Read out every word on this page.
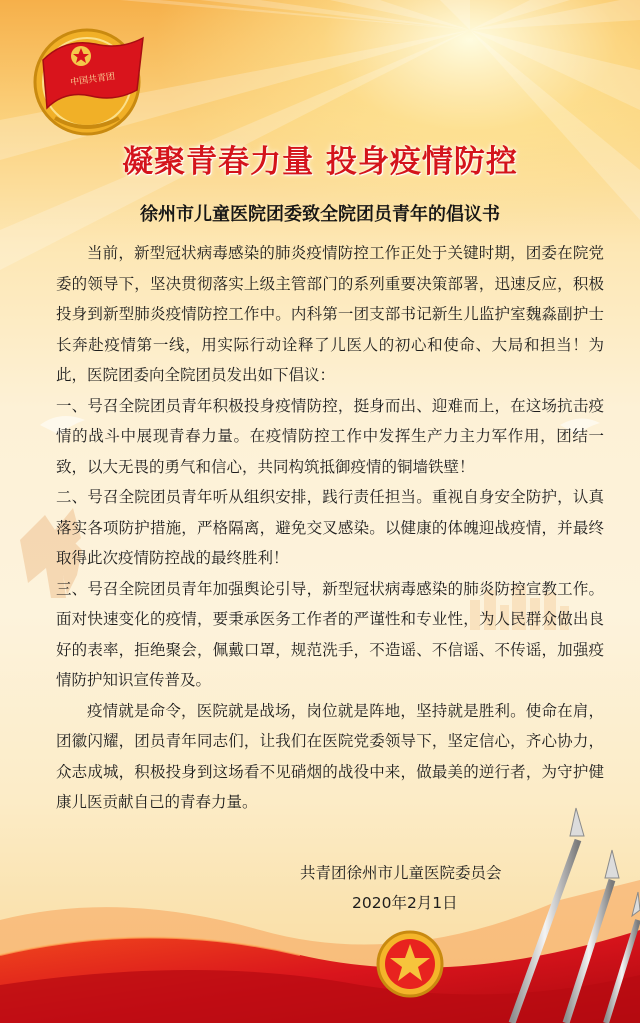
中国共青团
凝聚青春力量 投身疫情防控
徐州市儿童医院团委致全院团员青年的倡议书

当前，新型冠状病毒感染的肺炎疫情防控工作正处于关键时期，团委在院党委的领导下，坚决贯彻落实上级主管部门的系列重要决策部署，迅速反应，积极投身到新型肺炎疫情防控工作中。内科第一团支部书记新生儿监护室魏淼副护士长奔赴疫情第一线，用实际行动诠释了儿医人的初心和使命、大局和担当！为此，医院团委向全院团员发出如下倡议：

一、号召全院团员青年积极投身疫情防控，挺身而出、迎难而上，在这场抗击疫情的战斗中展现青春力量。在疫情防控工作中发挥生产力主力军作用，团结一致，以大无畏的勇气和信心，共同构筑抵御疫情的铜墙铁壁！

二、号召全院团员青年听从组织安排，践行责任担当。重视自身安全防护，认真落实各项防护措施，严格隔离，避免交叉感染。以健康的体魄迎战疫情，并最终取得此次疫情防控战的最终胜利！

三、号召全院团员青年加强舆论引导，新型冠状病毒感染的肺炎防控宣教工作。面对快速变化的疫情，要秉承医务工作者的严谨性和专业性，为人民群众做出良好的表率，拒绝聚会，佩戴口罩，规范洗手，不造谣、不信谣、不传谣，加强疫情防护知识宣传普及。

疫情就是命令，医院就是战场，岗位就是阵地，坚持就是胜利。使命在肩，团徽闪耀，团员青年同志们，让我们在医院党委领导下，坚定信心，齐心协力，众志成城，积极投身到这场看不见硝烟的战役中来，做最美的逆行者，为守护健康儿医贡献自己的青春力量。

共青团徐州市儿童医院委员会
2020年2月1日
